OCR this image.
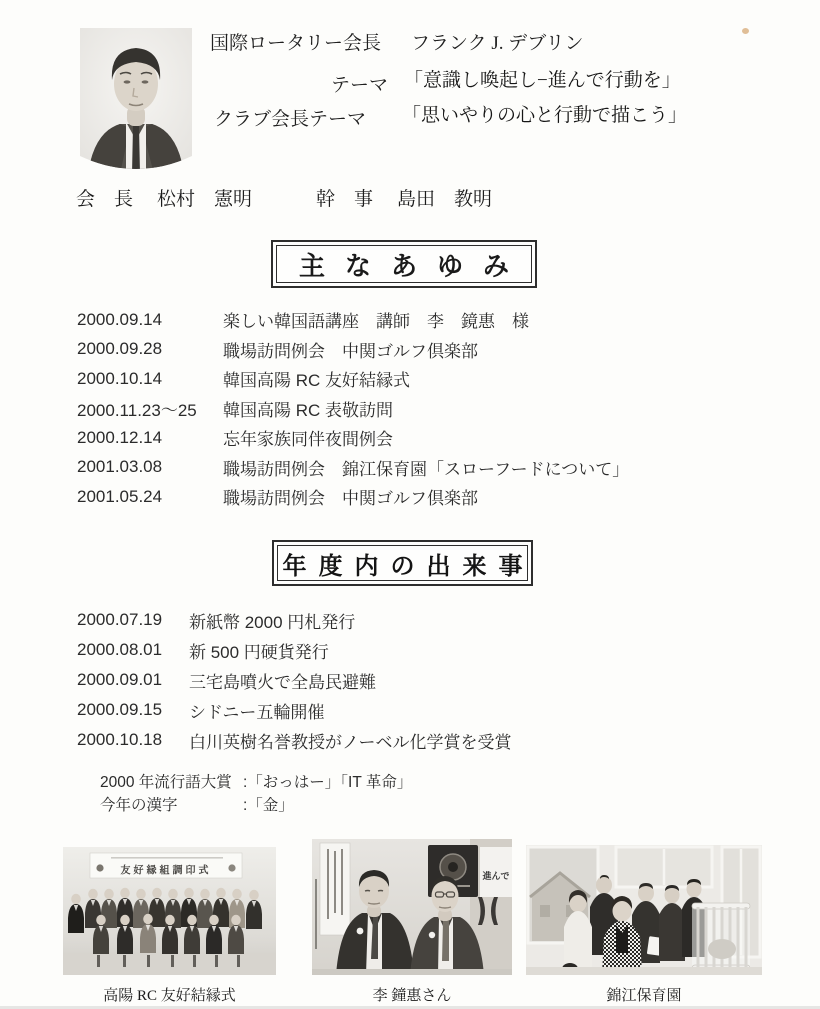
国際ロータリー会長 フランク J. デブリン
テーマ 「意識し喚起し−進んで行動を」
クラブ会長テーマ 「思いやりの心と行動で描こう」
会　長 松村　憲明	幹　事 島田　教明
主なあゆみ
2000.09.14	楽しい韓国語講座　講師　李　鏡惠　様
2000.09.28	職場訪問例会　中関ゴルフ倶楽部
2000.10.14	韓国高陽 RC 友好結縁式
2000.11.23～25	韓国高陽 RC 表敬訪問
2000.12.14	忘年家族同伴夜間例会
2001.03.08	職場訪問例会　錦江保育園「スローフードについて」
2001.05.24	職場訪問例会　中関ゴルフ倶楽部
年度内の出来事
2000.07.19	新紙幣 2000 円札発行
2000.08.01	新 500 円硬貨発行
2000.09.01	三宅島噴火で全島民避難
2000.09.15	シドニー五輪開催
2000.10.18	白川英樹名誉教授がノーベル化学賞を受賞
2000 年流行語大賞 :「おっはー」「IT 革命」
今年の漢字	:「金」
友好縁組調印式	進んで
高陽 RC 友好結縁式	李 鐘惠さん	錦江保育園
